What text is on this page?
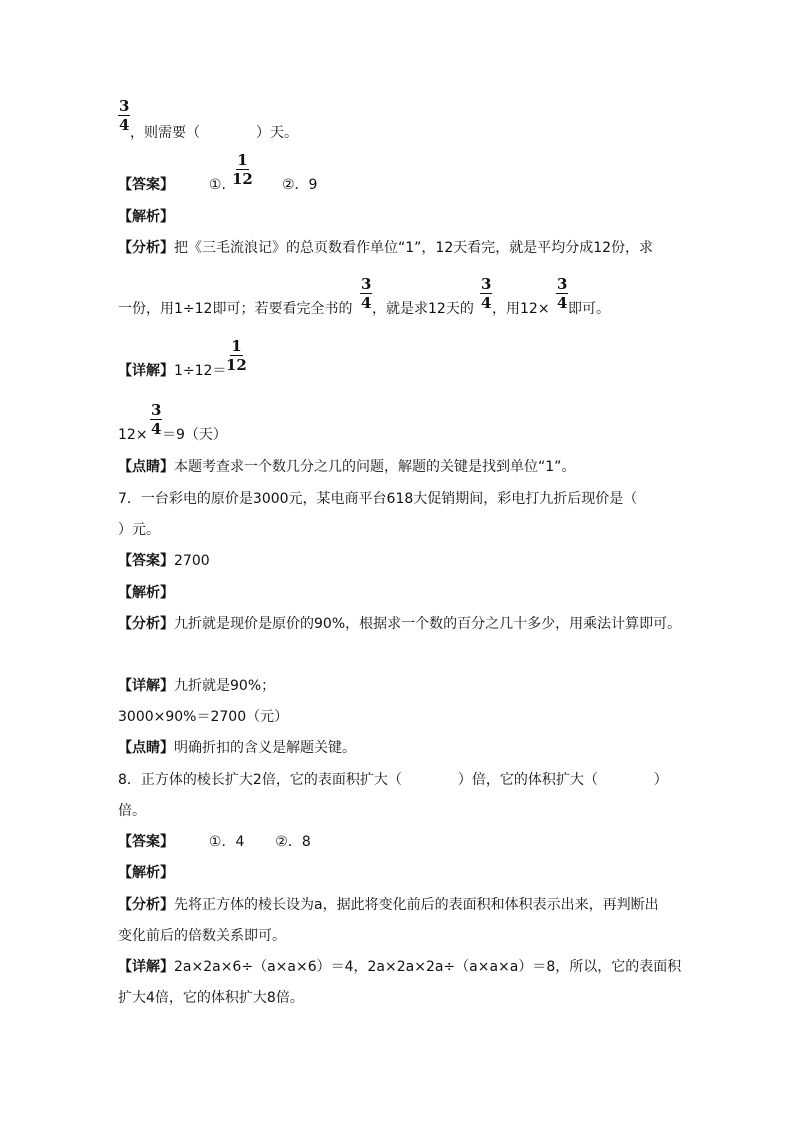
$\frac{3}{4}$ ，则需要（　　　　）天。
【答案】 ①. $\frac{1}{12}$ ②．9
【解析】
【分析】把《三毛流浪记》的总页数看作单位“1”，12天看完，就是平均分成12份，求
一份，用1÷12即可；若要看完全书的 $\frac{3}{4}$ ，就是求12天的 $\frac{3}{4}$ ，用$12\times \frac{3}{4}$ 即可。
【详解】$1\div 12= \frac{1}{12}$
$12\times \frac{3}{4} =9$（天）
【点睛】本题考查求一个数几分之几的问题，解题的关键是找到单位“1”。
7．一台彩电的原价是3000元，某电商平台618大促销期间，彩电打九折后现价是（
）元。
【答案】2700
【解析】
【分析】九折就是现价是原价的90%，根据求一个数的百分之几十多少，用乘法计算即可。
【详解】九折就是90%；
3000×90%＝2700（元）
【点睛】明确折扣的含义是解题关键。
8．正方体的棱长扩大2倍，它的表面积扩大（　　　　）倍，它的体积扩大（　　　　）
倍。
【答案】 ①．4 ②．8
【解析】
【分析】先将正方体的棱长设为a，据此将变化前后的表面积和体积表示出来，再判断出
变化前后的倍数关系即可。
【详解】2a×2a×6÷（a×a×6）＝4，2a×2a×2a÷（a×a×a）＝8，所以，它的表面积
扩大4倍，它的体积扩大8倍。
